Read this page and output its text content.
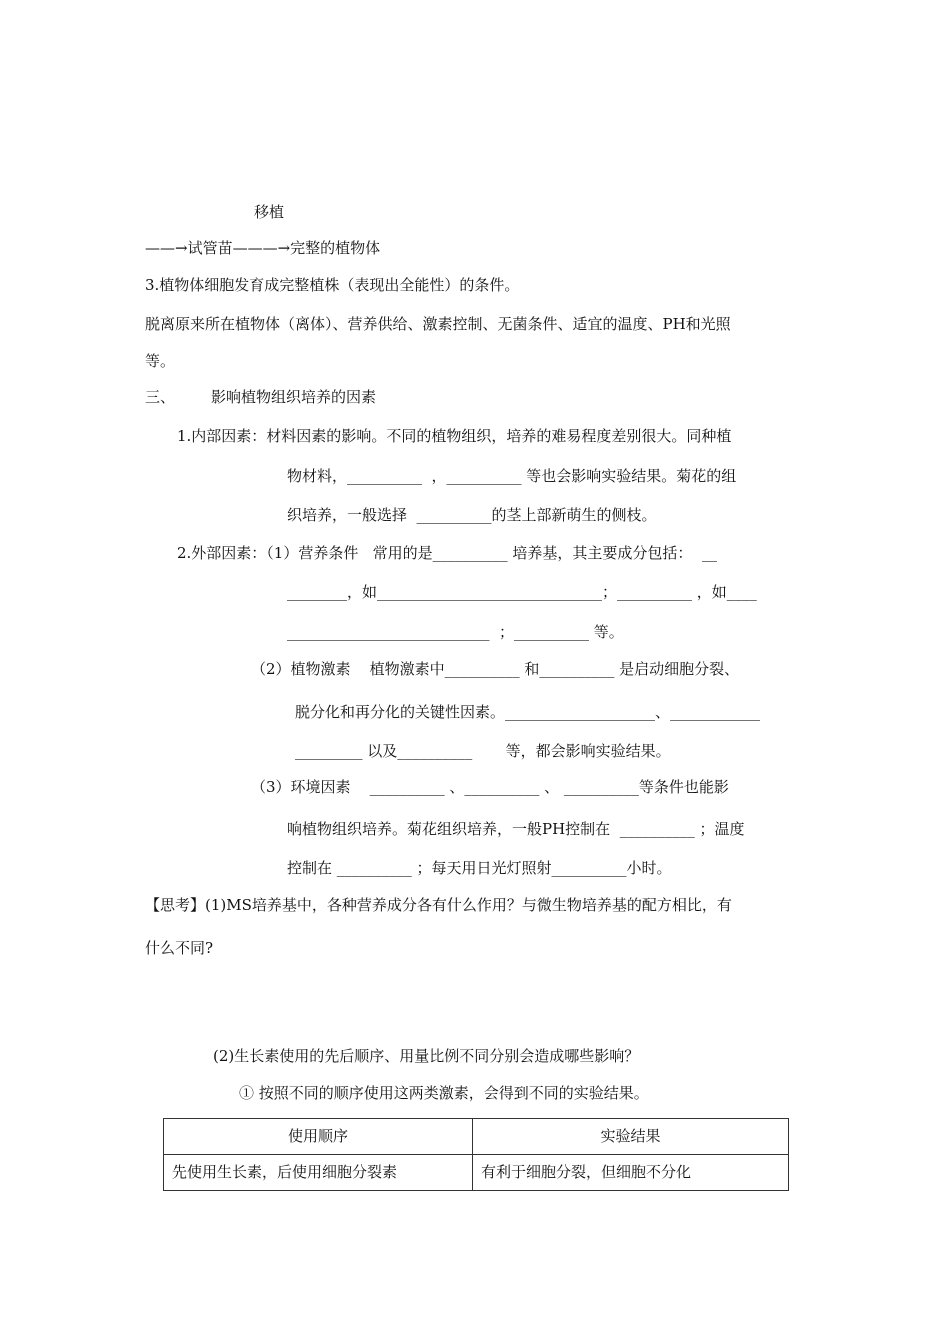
移植
——→试管苗———→完整的植物体
3.植物体细胞发育成完整植株（表现出全能性）的条件。
脱离原来所在植物体（离体）、营养供给、激素控制、无菌条件、适宜的温度、PH和光照
等。
三、 影响植物组织培养的因素
1.内部因素：材料因素的影响。不同的植物组织，培养的难易程度差别很大。同种植
物材料，__________  ，__________ 等也会影响实验结果。菊花的组
织培养，一般选择  __________的茎上部新萌生的侧枝。
2.外部因素：（1）营养条件   常用的是__________ 培养基，其主要成分包括：  __
________，如______________________________；__________ ，如____
___________________________  ；__________ 等。
（2）植物激素    植物激素中__________ 和__________ 是启动细胞分裂、
脱分化和再分化的关键性因素。____________________、____________
_________ 以及__________       等，都会影响实验结果。
（3）环境因素    __________ 、__________ 、 __________等条件也能影
响植物组织培养。菊花组织培养，一般PH控制在  __________ ；温度
控制在 __________ ；每天用日光灯照射__________小时。
【思考】(1)MS培养基中，各种营养成分各有什么作用？与微生物培养基的配方相比，有
什么不同?
(2)生长素使用的先后顺序、用量比例不同分别会造成哪些影响？
① 按照不同的顺序使用这两类激素，会得到不同的实验结果。
使用顺序	实验结果
先使用生长素，后使用细胞分裂素	有利于细胞分裂，但细胞不分化
